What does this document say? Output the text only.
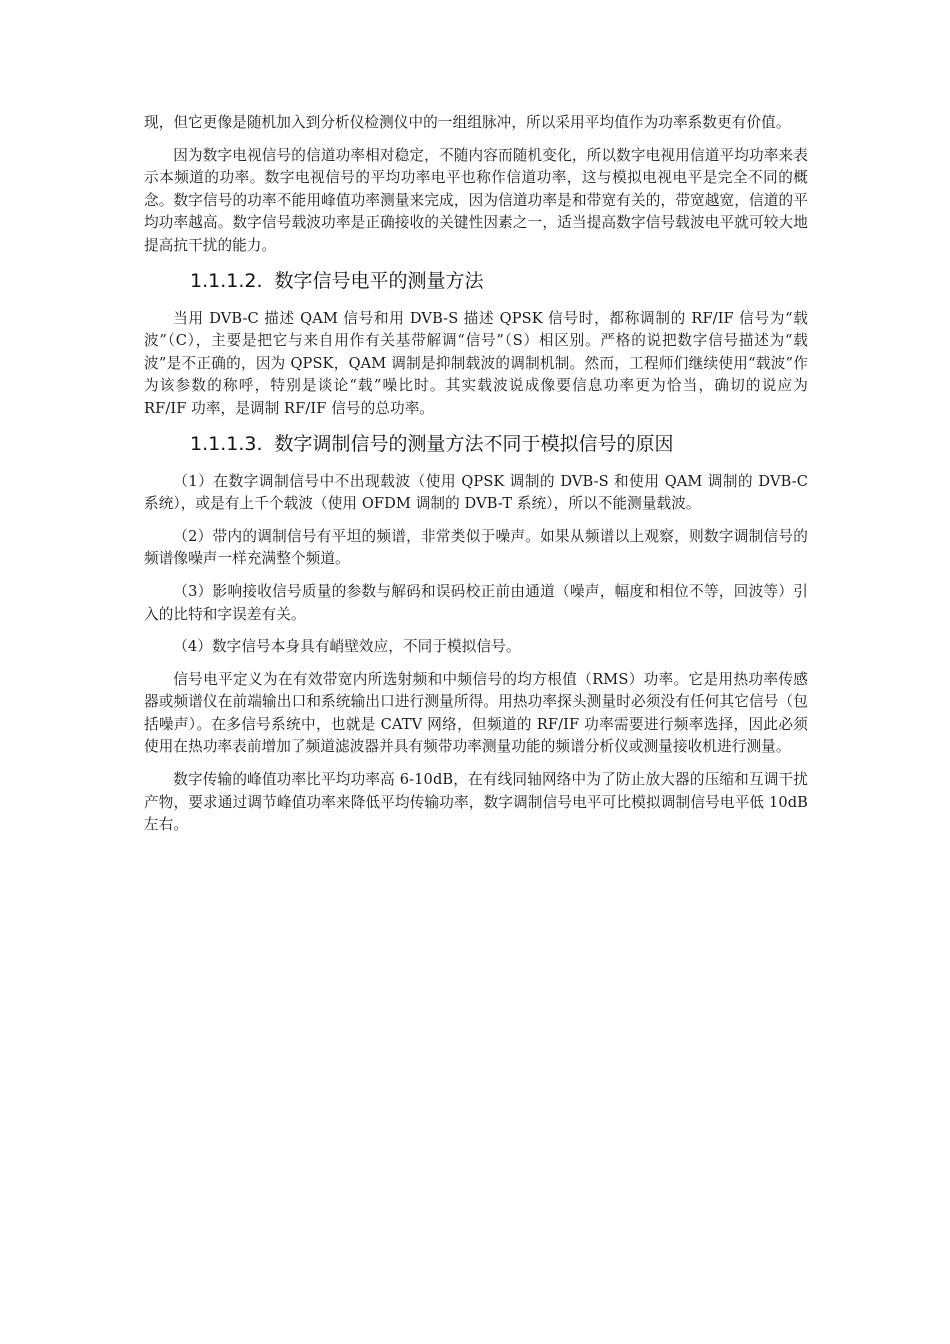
现，但它更像是随机加入到分析仪检测仪中的一组组脉冲，所以采用平均值作为功率系数更有价值。

因为数字电视信号的信道功率相对稳定，不随内容而随机变化，所以数字电视用信道平均功率来表示本频道的功率。数字电视信号的平均功率电平也称作信道功率，这与模拟电视电平是完全不同的概念。数字信号的功率不能用峰值功率测量来完成，因为信道功率是和带宽有关的，带宽越宽，信道的平均功率越高。数字信号载波功率是正确接收的关键性因素之一，适当提高数字信号载波电平就可较大地提高抗干扰的能力。

1.1.1.2. 数字信号电平的测量方法

当用 DVB-C 描述 QAM 信号和用 DVB-S 描述 QPSK 信号时，都称调制的 RF/IF 信号为“载波”（C），主要是把它与来自用作有关基带解调“信号”（S）相区别。严格的说把数字信号描述为“载波”是不正确的，因为 QPSK，QAM 调制是抑制载波的调制机制。然而，工程师们继续使用“载波”作为该参数的称呼，特别是谈论“载”噪比时。其实载波说成像要信息功率更为恰当，确切的说应为 RF/IF 功率，是调制 RF/IF 信号的总功率。

1.1.1.3. 数字调制信号的测量方法不同于模拟信号的原因

（1）在数字调制信号中不出现载波（使用 QPSK 调制的 DVB-S 和使用 QAM 调制的 DVB-C 系统），或是有上千个载波（使用 OFDM 调制的 DVB-T 系统），所以不能测量载波。

（2）带内的调制信号有平坦的频谱，非常类似于噪声。如果从频谱以上观察，则数字调制信号的频谱像噪声一样充满整个频道。

（3）影响接收信号质量的参数与解码和误码校正前由通道（噪声，幅度和相位不等，回波等）引入的比特和字误差有关。

（4）数字信号本身具有峭壁效应，不同于模拟信号。

信号电平定义为在有效带宽内所选射频和中频信号的均方根值（RMS）功率。它是用热功率传感器或频谱仪在前端输出口和系统输出口进行测量所得。用热功率探头测量时必须没有任何其它信号（包括噪声）。在多信号系统中，也就是 CATV 网络，但频道的 RF/IF 功率需要进行频率选择，因此必须使用在热功率表前增加了频道滤波器并具有频带功率测量功能的频谱分析仪或测量接收机进行测量。

数字传输的峰值功率比平均功率高 6-10dB，在有线同轴网络中为了防止放大器的压缩和互调干扰产物，要求通过调节峰值功率来降低平均传输功率，数字调制信号电平可比模拟调制信号电平低 10dB 左右。
